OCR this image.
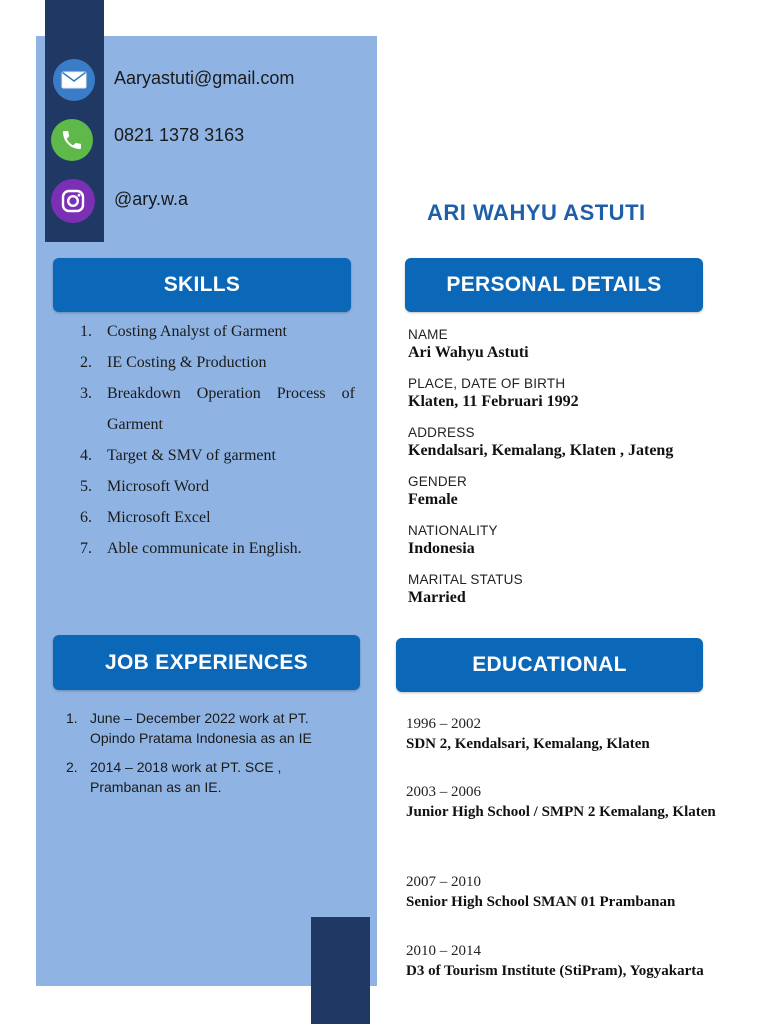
Aaryastuti@gmail.com
0821 1378 3163
@ary.w.a
ARI WAHYU ASTUTI
SKILLS
1. Costing Analyst of Garment
2. IE Costing & Production
3. Breakdown Operation Process of Garment
4. Target & SMV of garment
5. Microsoft Word
6. Microsoft Excel
7. Able communicate in English.
JOB EXPERIENCES
1. June – December 2022 work at PT. Opindo Pratama Indonesia as an IE
2. 2014 – 2018 work at PT. SCE , Prambanan as an IE.
PERSONAL DETAILS
NAME
Ari Wahyu Astuti
PLACE, DATE OF BIRTH
Klaten, 11 Februari 1992
ADDRESS
Kendalsari, Kemalang, Klaten , Jateng
GENDER
Female
NATIONALITY
Indonesia
MARITAL STATUS
Married
EDUCATIONAL
1996 – 2002
SDN 2, Kendalsari, Kemalang, Klaten
2003 – 2006
Junior High School / SMPN 2 Kemalang, Klaten
2007 – 2010
Senior High School SMAN 01 Prambanan
2010 – 2014
D3 of Tourism Institute (StiPram), Yogyakarta
